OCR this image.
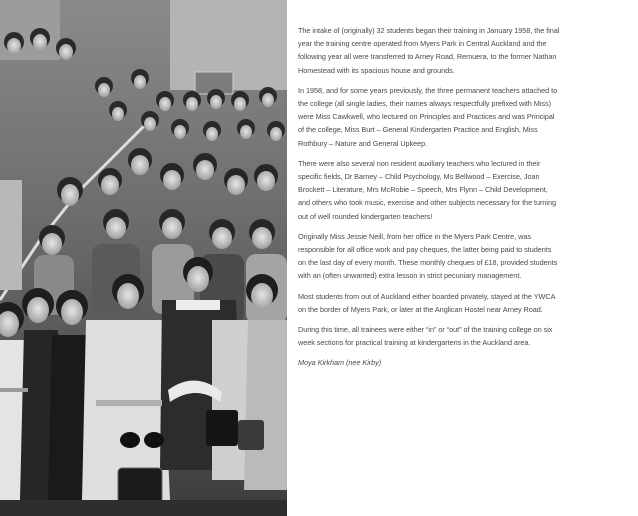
The intake of (originally) 32 students began their training in January 1958, the final year the training centre operated from Myers Park in Central Auckland and the following year all were transferred to Arney Road, Remuera, to the former Nathan Homestead with its spacious house and grounds.

In 1958, and for some years previously, the three permanent teachers attached to the college (all single ladies, their names always respectfully prefixed with Miss) were Miss Cawkwell, who lectured on Principles and Practices and was Principal of the college, Miss Burt – General Kindergarten Practice and English, Miss Rothbury – Nature and General Upkeep.

There were also several non resident auxiliary teachers who lectured in their specific fields, Dr Barney – Child Psychology, Ms Bellwood – Exercise, Joan Brockett – Literature, Mrs McRobie – Speech, Mrs Flynn – Child Development, and others who took music, exercise and other subjects necessary for the turning out of well rounded kindergarten teachers!

Originally Miss Jessie Neill, from her office in the Myers Park Centre, was responsible for all office work and pay cheques, the latter being paid to students on the last day of every month. These monthly cheques of £18, provided students with an (often unwanted) extra lesson in strict pecuniary management.

Most students from out of Auckland either boarded privately, stayed at the YWCA on the border of Myers Park, or later at the Anglican Hostel near Arney Road.

During this time, all trainees were either “in” or “out” of the training college on six week sections for practical training at kindergartens in the Auckland area.

Moya Kirkham (nee Kirby)
